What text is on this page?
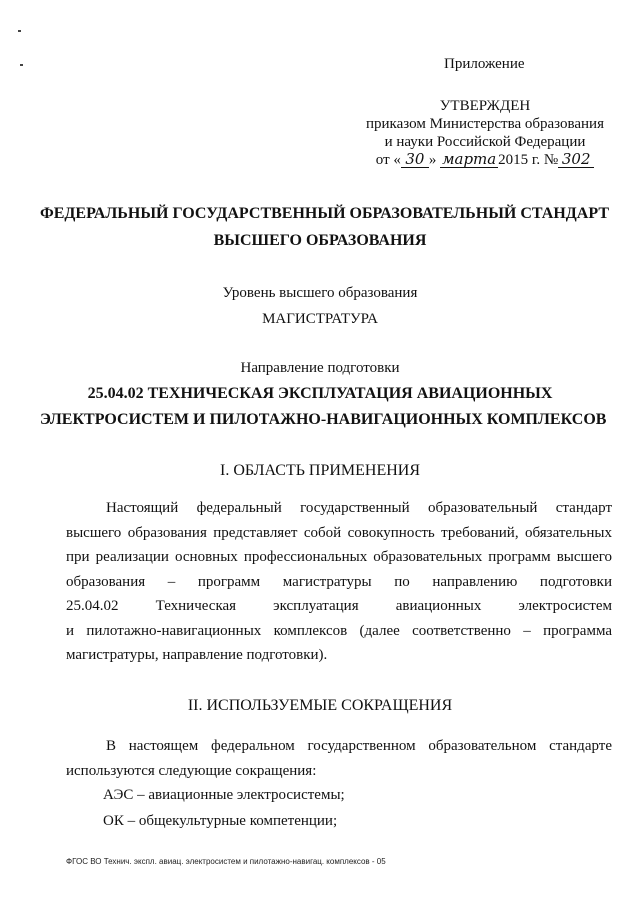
Приложение
УТВЕРЖДЕН
приказом Министерства образования
и науки Российской Федерации
от « 30 » марта 2015 г. № 302
ФЕДЕРАЛЬНЫЙ ГОСУДАРСТВЕННЫЙ ОБРАЗОВАТЕЛЬНЫЙ СТАНДАРТ
ВЫСШЕГО ОБРАЗОВАНИЯ
Уровень высшего образования
МАГИСТРАТУРА
Направление подготовки
25.04.02 ТЕХНИЧЕСКАЯ ЭКСПЛУАТАЦИЯ АВИАЦИОННЫХ
ЭЛЕКТРОСИСТЕМ И ПИЛОТАЖНО-НАВИГАЦИОННЫХ КОМПЛЕКСОВ
I. ОБЛАСТЬ ПРИМЕНЕНИЯ
Настоящий федеральный государственный образовательный стандарт
высшего образования представляет собой совокупность требований, обязательных
при реализации основных профессиональных образовательных программ высшего
образования – программ магистратуры по направлению подготовки
25.04.02 Техническая эксплуатация авиационных электросистем
и пилотажно-навигационных комплексов (далее соответственно – программа
магистратуры, направление подготовки).
II. ИСПОЛЬЗУЕМЫЕ СОКРАЩЕНИЯ
В настоящем федеральном государственном образовательном стандарте
используются следующие сокращения:
АЭС – авиационные электросистемы;
ОК – общекультурные компетенции;
ФГОС ВО Технич. экспл. авиац. электросистем и пилотажно-навигац. комплексов - 05
